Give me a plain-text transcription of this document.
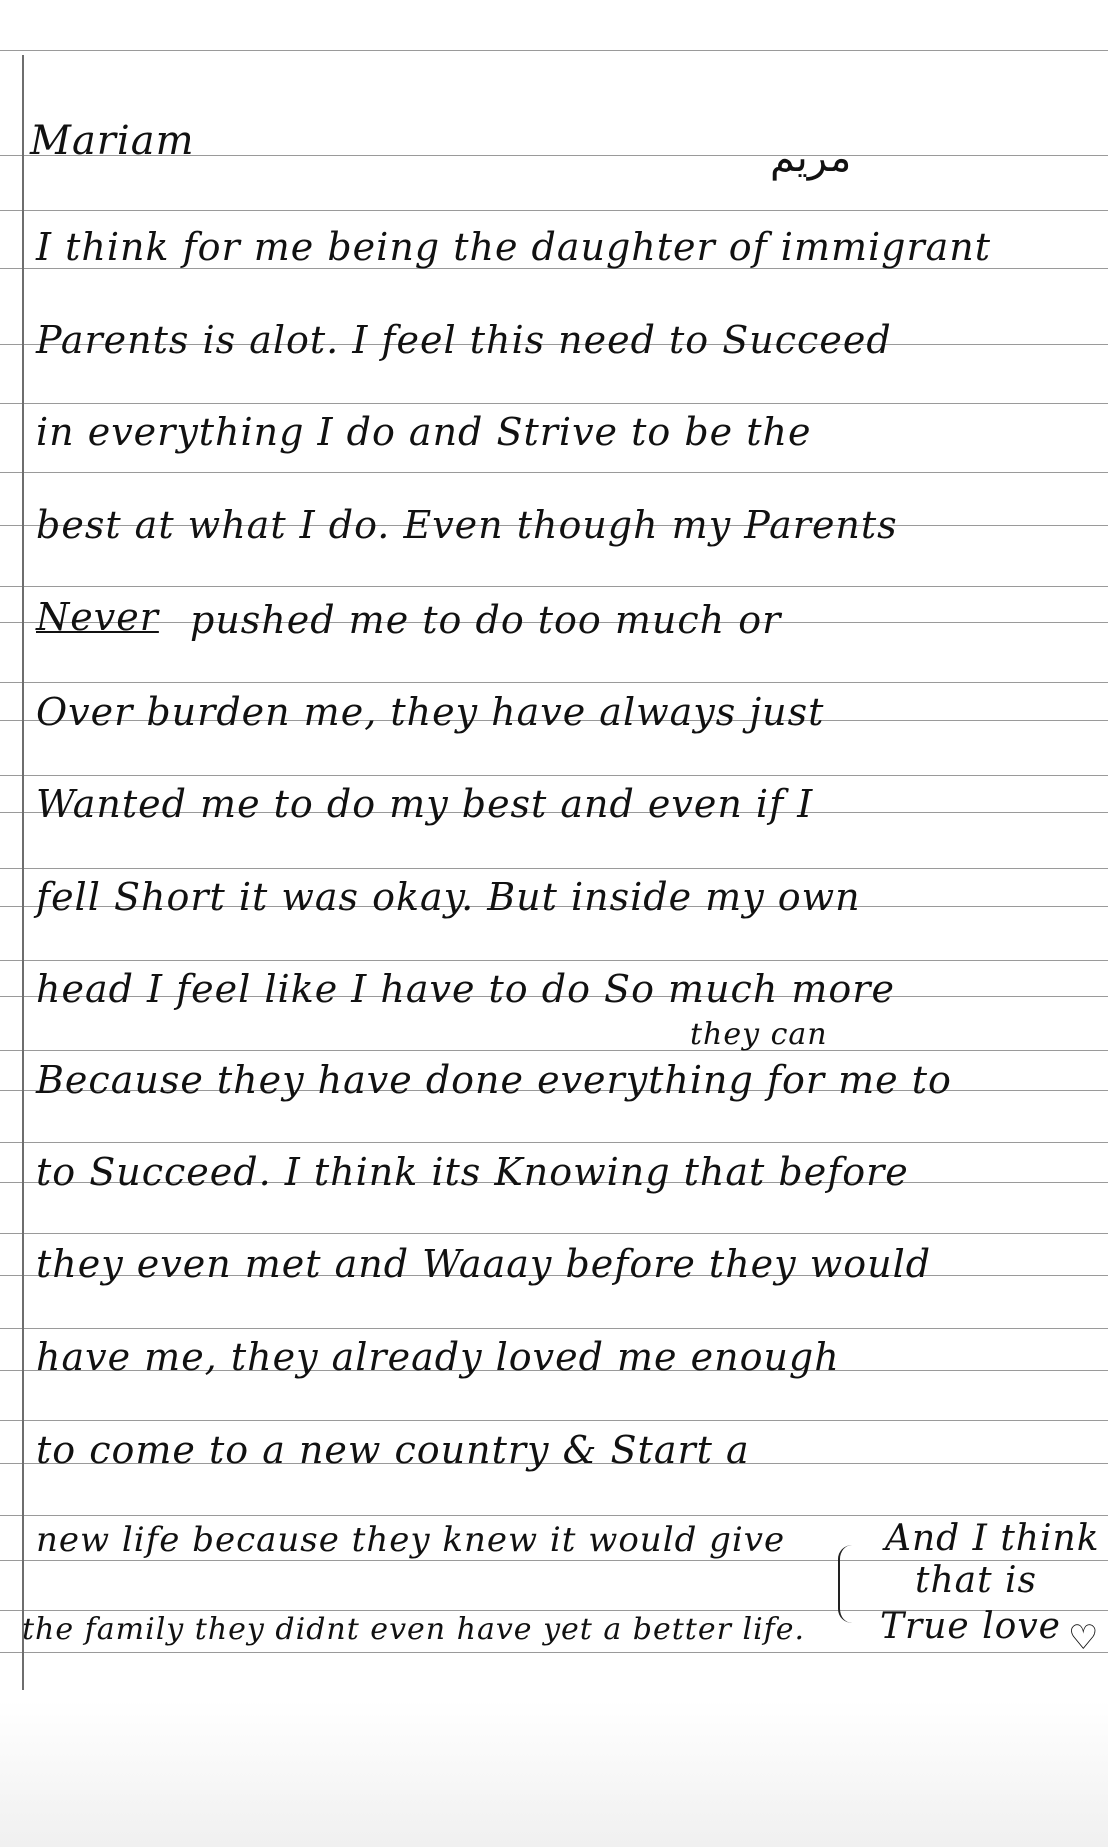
Mariam	مريم
I think for me being the daughter of immigrant
Parents is alot. I feel this need to Succeed
in everything I do and Strive to be the
best at what I do. Even though my Parents
Never pushed me to do too much or
Over burden me, they have always just
Wanted me to do my best and even if I
fell Short it was okay. But inside my own
head I feel like I have to do So much more
they can
Because they have done everything for me to
to Succeed. I think its Knowing that before
they even met and Waaay before they would
have me, they already loved me enough
to come to a new country & Start a
new life because they knew it would give
the family they didnt even have yet a better life.
And I think
that is
True love ♡
